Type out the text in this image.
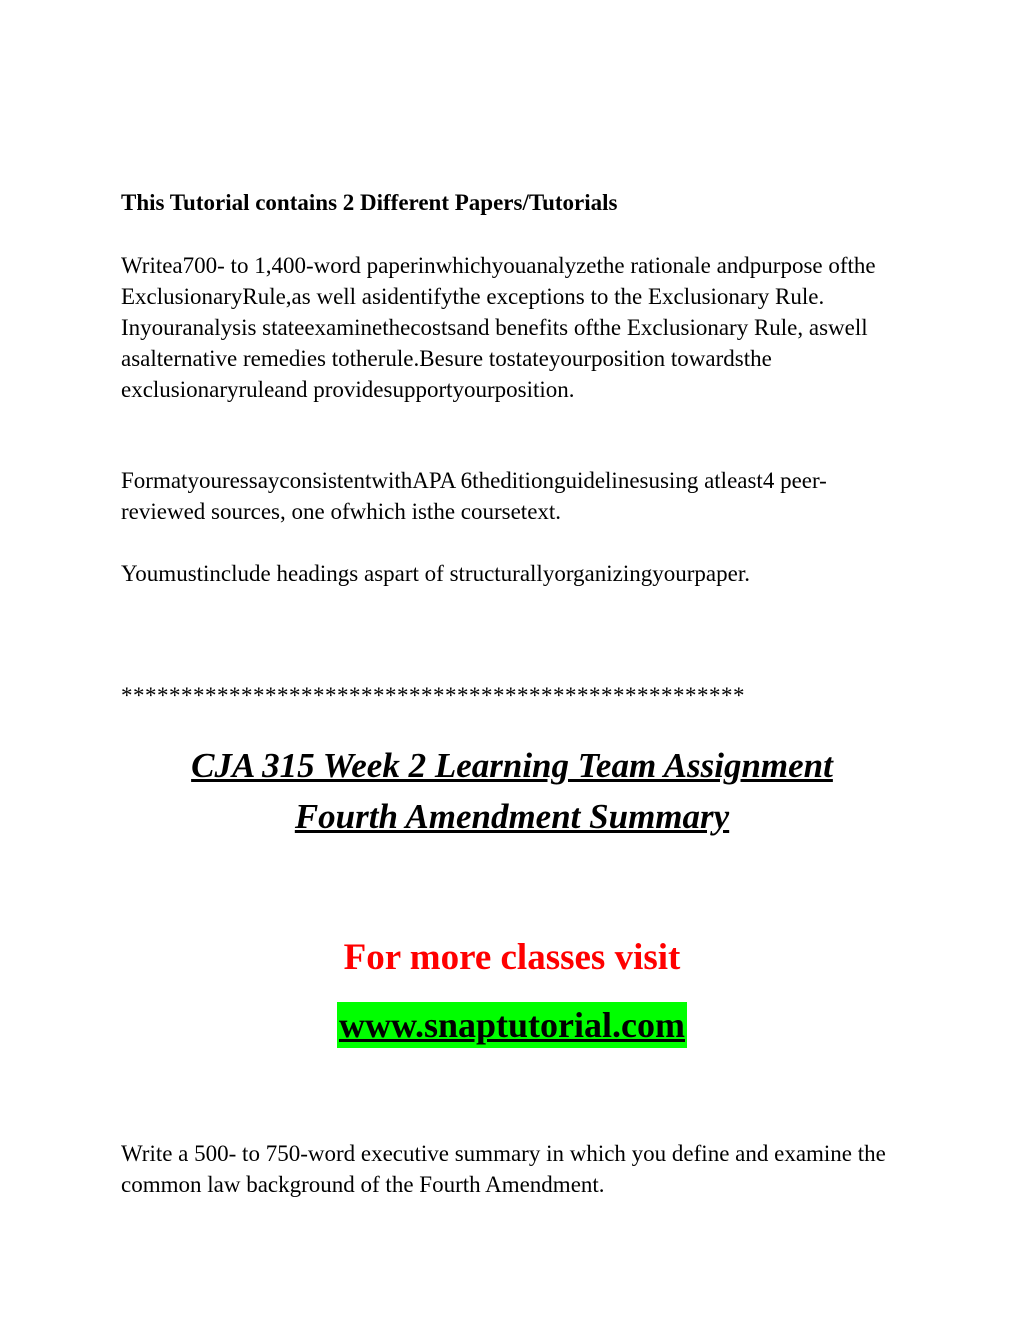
This Tutorial contains 2 Different Papers/Tutorials

Writea700- to 1,400-word paperinwhichyouanalyzethe rationale andpurpose ofthe ExclusionaryRule,as well asidentifythe exceptions to the Exclusionary Rule. Inyouranalysis stateexaminethecostsand benefits ofthe Exclusionary Rule, aswell asalternative remedies totherule.Besure tostateyourposition towardsthe exclusionaryruleand providesupportyourposition.

FormatyouressayconsistentwithAPA 6theditionguidelinesusing atleast4 peer-reviewed sources, one ofwhich isthe coursetext.

Youmustinclude headings aspart of structurallyorganizingyourpaper.

****************************************************

CJA 315 Week 2 Learning Team Assignment

Fourth Amendment Summary

For more classes visit

www.snaptutorial.com

Write a 500- to 750-word executive summary in which you define and examine the common law background of the Fourth Amendment.
